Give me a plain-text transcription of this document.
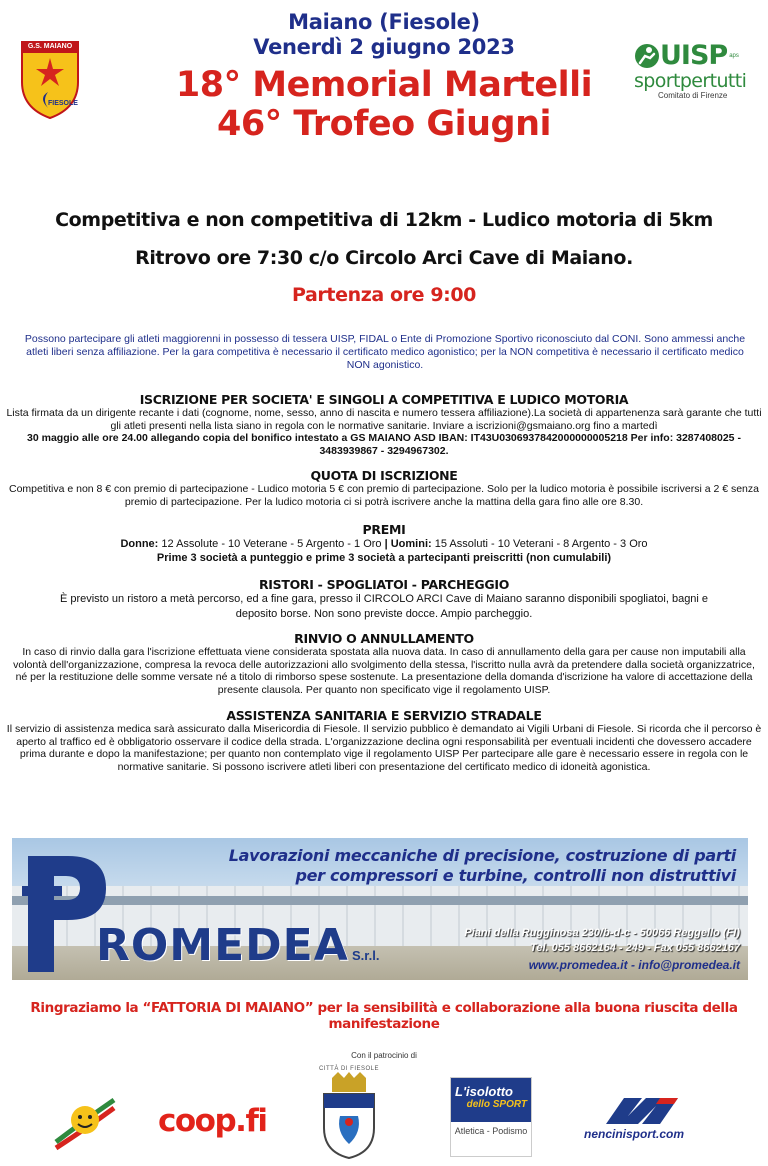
Maiano (Fiesole)
Venerdì 2 giugno 2023
18° Memorial Martelli
46° Trofeo Giugni
G.S. MAIANO
FIESOLE
UISP aps
sportpertutti
Comitato di Firenze
Competitiva e non competitiva di 12km - Ludico motoria di 5km
Ritrovo ore 7:30 c/o Circolo Arci Cave di Maiano.
Partenza ore 9:00
Possono partecipare gli atleti maggiorenni in possesso di tessera UISP, FIDAL o Ente di Promozione Sportivo riconosciuto dal CONI. Sono ammessi anche atleti liberi senza affiliazione. Per la gara competitiva è necessario il certificato medico agonistico; per la NON competitiva è necessario il certificato medico NON agonistico.
ISCRIZIONE PER SOCIETA' E SINGOLI A COMPETITIVA E LUDICO MOTORIA

Lista firmata da un dirigente recante i dati (cognome, nome, sesso, anno di nascita e numero tessera affiliazione).La società di appartenenza sarà garante che tutti gli atleti presenti nella lista siano in regola con le normative sanitarie. Inviare a iscrizioni@gsmaiano.org fino a martedì

30 maggio alle ore 24.00 allegando copia del bonifico intestato a GS MAIANO ASD IBAN: IT43U0306937842000000005218 Per info: 3287408025 - 3483939867 - 3294967302.

QUOTA DI ISCRIZIONE

Competitiva e non 8 € con premio di partecipazione - Ludico motoria 5 € con premio di partecipazione. Solo per la ludico motoria è possibile iscriversi a 2 € senza premio di partecipazione. Per la ludico motoria ci si potrà iscrivere anche la mattina della gara fino alle ore 8.30.

PREMI

Donne: 12 Assolute - 10 Veterane - 5 Argento - 1 Oro | Uomini: 15 Assoluti - 10 Veterani - 8 Argento - 3 Oro

Prime 3 società a punteggio e prime 3 società a partecipanti preiscritti (non cumulabili)

RISTORI - SPOGLIATOI - PARCHEGGIO

È previsto un ristoro a metà percorso, ed a fine gara, presso il CIRCOLO ARCI Cave di Maiano saranno disponibili spogliatoi, bagni e deposito borse. Non sono previste docce. Ampio parcheggio.

RINVIO O ANNULLAMENTO

In caso di rinvio dalla gara l'iscrizione effettuata viene considerata spostata alla nuova data. In caso di annullamento della gara per cause non imputabili alla volontà dell'organizzazione, compresa la revoca delle autorizzazioni allo svolgimento della stessa, l'iscritto nulla avrà da pretendere dalla società organizzatrice, né per la restituzione delle somme versate né a titolo di rimborso spese sostenute. La presentazione della domanda d'iscrizione ha valore di accettazione della presente clausola. Per quanto non specificato vige il regolamento UISP.

ASSISTENZA SANITARIA E SERVIZIO STRADALE

Il servizio di assistenza medica sarà assicurato dalla Misericordia di Fiesole. Il servizio pubblico è demandato ai Vigili Urbani di Fiesole. Si ricorda che il percorso è aperto al traffico ed è obbligatorio osservare il codice della strada. L'organizzazione declina ogni responsabilità per eventuali incidenti che dovessero accadere prima durante e dopo la manifestazione; per quanto non contemplato vige il regolamento UISP Per partecipare alle gare è necessario essere in regola con le normative sanitarie. Si possono iscrivere atleti liberi con presentazione del certificato medico di idoneità agonistica.

Lavorazioni meccaniche di precisione, costruzione di parti
per compressori e turbine, controlli non distruttivi
ROMEDEA S.r.l.
Piani della Rugginosa 230/b-d-c - 50066 Reggello (FI)
Tel. 055 8662164 - 249 - Fax 055 8662167
www.promedea.it - info@promedea.it
Ringraziamo la “FATTORIA DI MAIANO” per la sensibilità e collaborazione alla buona riuscita della manifestazione
Con il patrocinio di
coop.fi
CITTÀ DI FIESOLE
L'isolotto
dello SPORT
Atletica - Podismo	nencinisport.com
